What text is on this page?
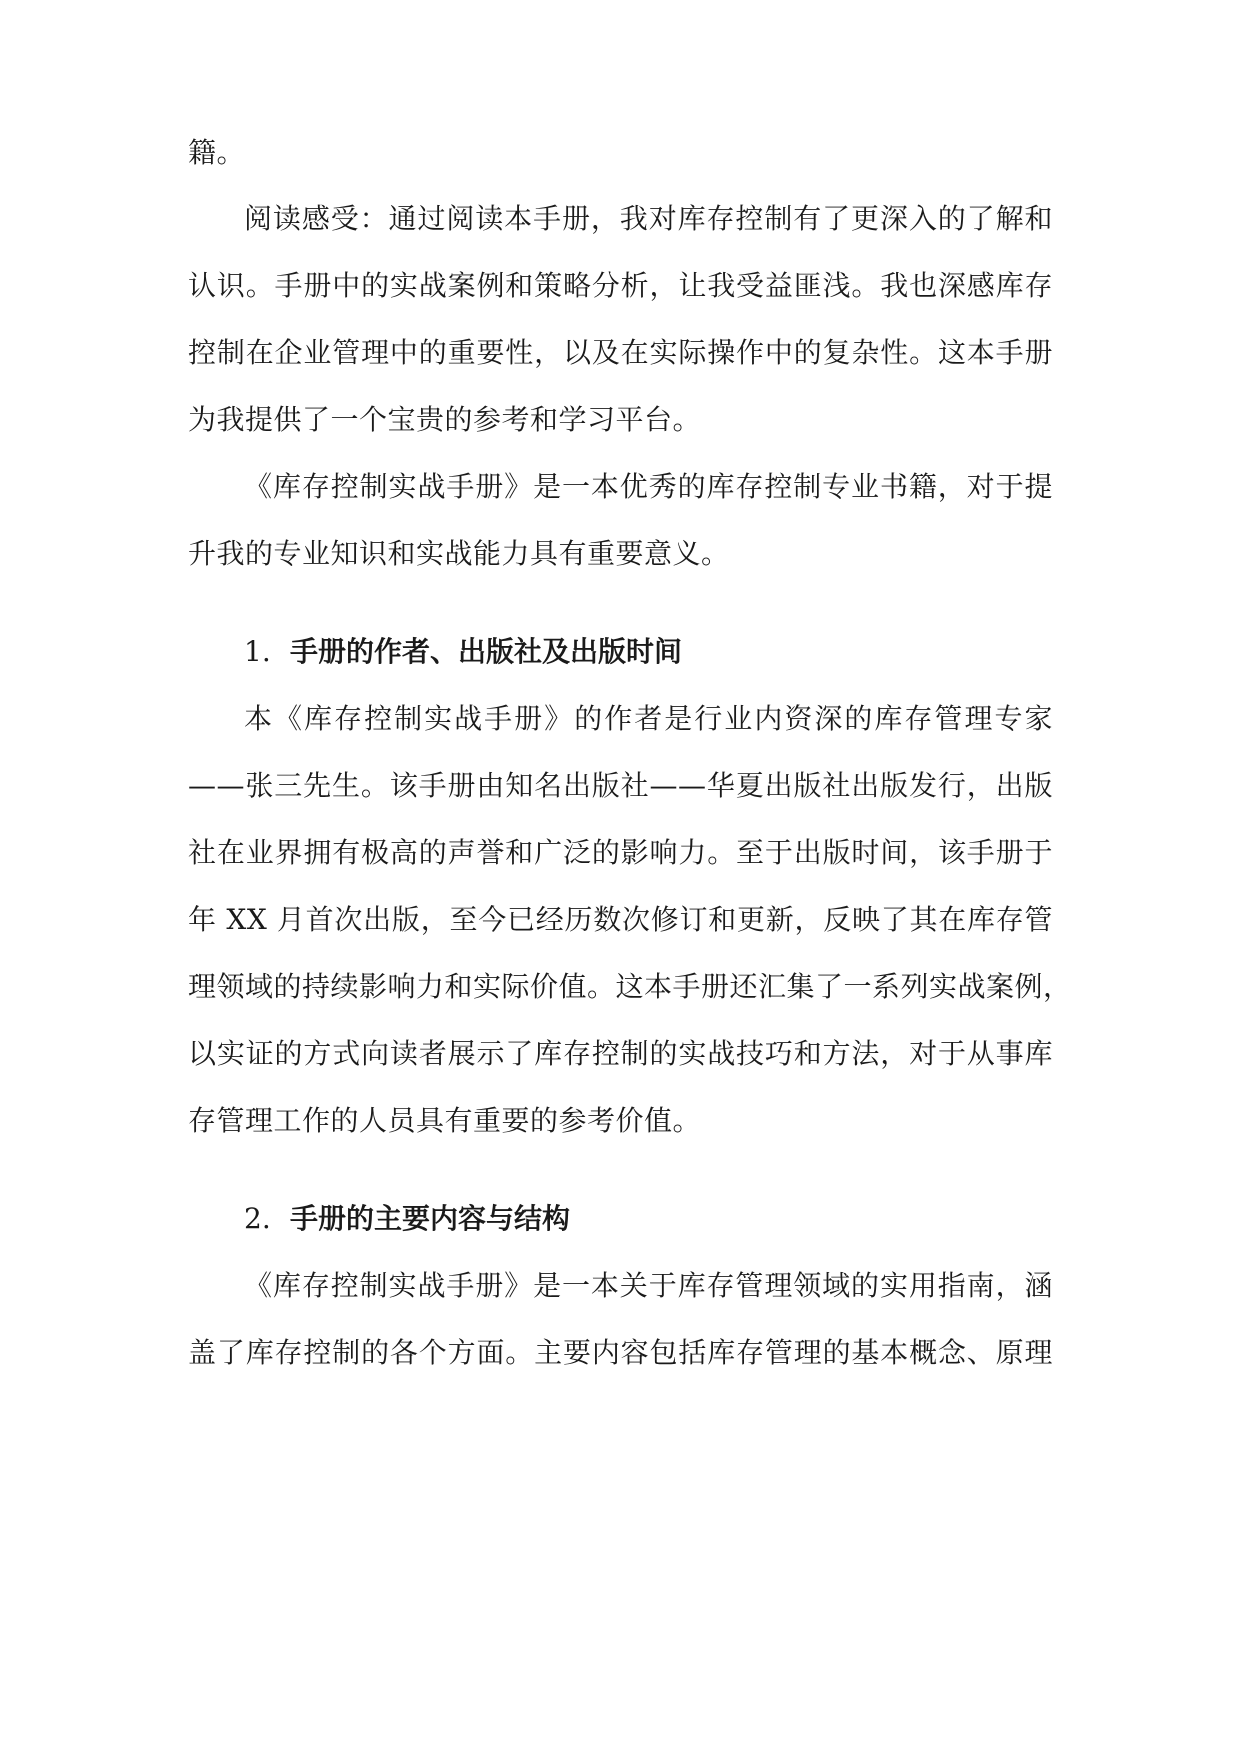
籍。
阅读感受：通过阅读本手册，我对库存控制有了更深入的了解和
认识。手册中的实战案例和策略分析，让我受益匪浅。我也深感库存
控制在企业管理中的重要性，以及在实际操作中的复杂性。这本手册
为我提供了一个宝贵的参考和学习平台。
《库存控制实战手册》是一本优秀的库存控制专业书籍，对于提
升我的专业知识和实战能力具有重要意义。
1. 手册的作者、出版社及出版时间
本《库存控制实战手册》的作者是行业内资深的库存管理专家
——张三先生。该手册由知名出版社——华夏出版社出版发行，出版
社在业界拥有极高的声誉和广泛的影响力。至于出版时间，该手册于
年 XX 月首次出版，至今已经历数次修订和更新，反映了其在库存管
理领域的持续影响力和实际价值。这本手册还汇集了一系列实战案例，
以实证的方式向读者展示了库存控制的实战技巧和方法，对于从事库
存管理工作的人员具有重要的参考价值。
2. 手册的主要内容与结构
《库存控制实战手册》是一本关于库存管理领域的实用指南，涵
盖了库存控制的各个方面。主要内容包括库存管理的基本概念、原理
